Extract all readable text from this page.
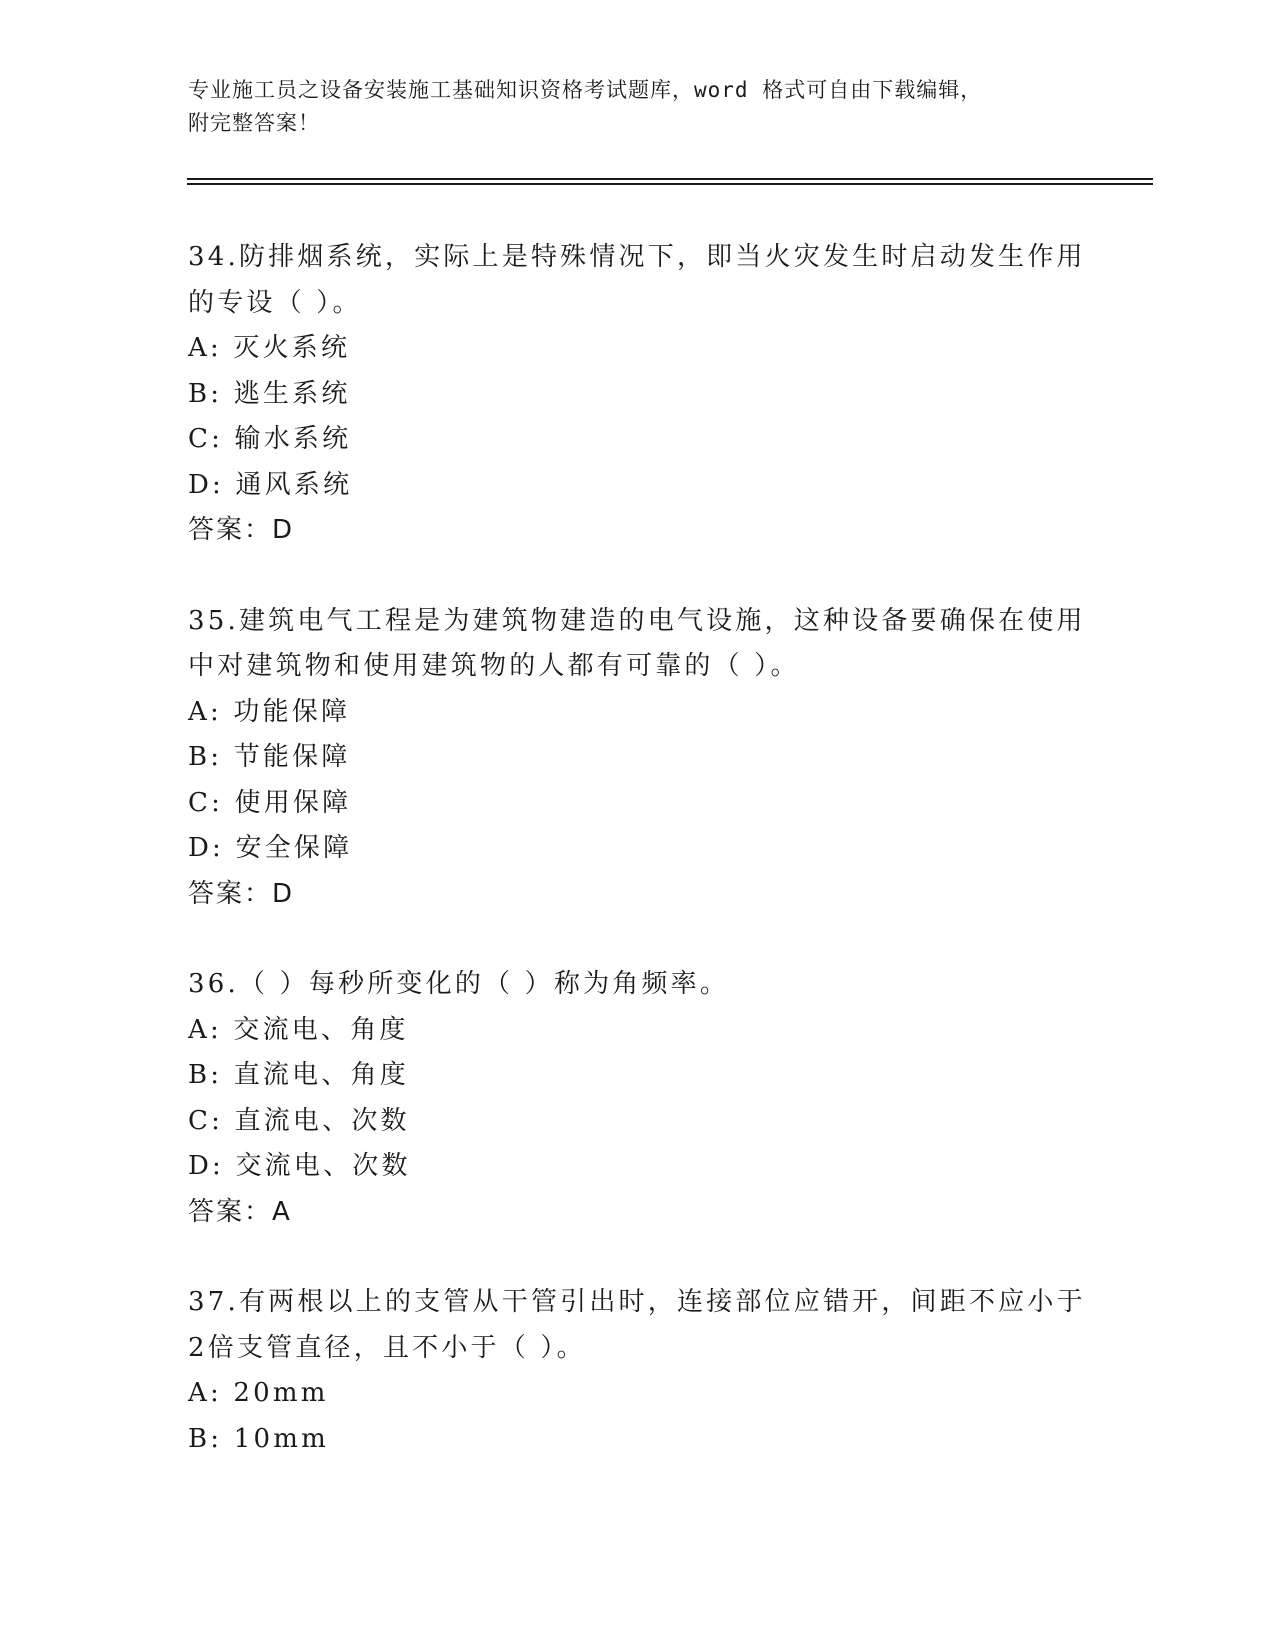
专业施工员之设备安装施工基础知识资格考试题库，word 格式可自由下载编辑，
附完整答案！
34.防排烟系统，实际上是特殊情况下，即当火灾发生时启动发生作用的专设（ ）。
A: 灭火系统
B: 逃生系统
C: 输水系统
D: 通风系统
答案：D
35.建筑电气工程是为建筑物建造的电气设施，这种设备要确保在使用中对建筑物和使用建筑物的人都有可靠的（ ）。
A: 功能保障
B: 节能保障
C: 使用保障
D: 安全保障
答案：D
36.（ ）每秒所变化的（ ）称为角频率。
A: 交流电、角度
B: 直流电、角度
C: 直流电、次数
D: 交流电、次数
答案：A
37.有两根以上的支管从干管引出时，连接部位应错开，间距不应小于2倍支管直径，且不小于（ ）。
A: 20mm
B: 10mm
